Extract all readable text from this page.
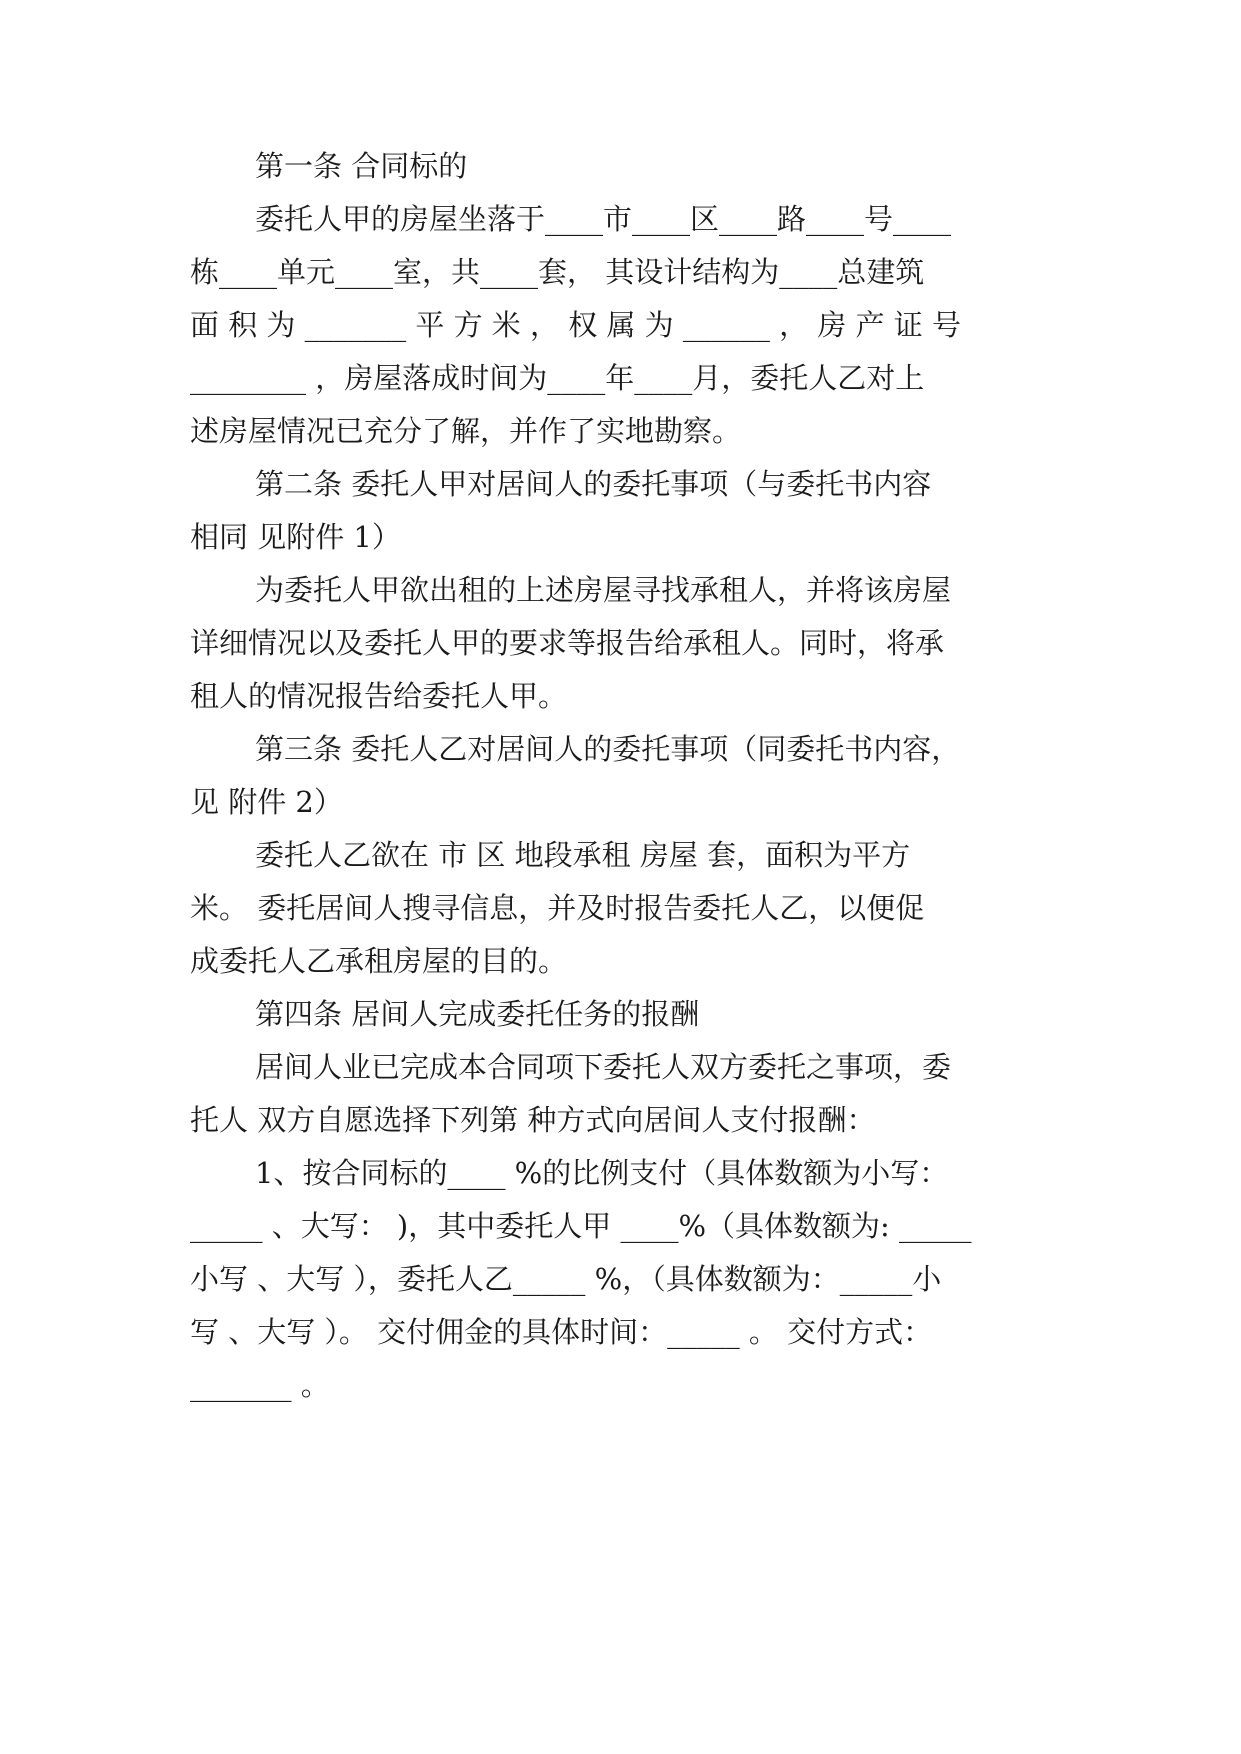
第一条 合同标的
委托人甲的房屋坐落于____市____区____路____号____
栋____单元____室，共____套， 其设计结构为____总建筑
面 积 为 _______ 平 方 米 ， 权 属 为 ______ ， 房 产 证 号
________ ，房屋落成时间为____年____月，委托人乙对上
述房屋情况已充分了解，并作了实地勘察。
第二条 委托人甲对居间人的委托事项（与委托书内容
相同 见附件 1）
为委托人甲欲出租的上述房屋寻找承租人，并将该房屋
详细情况以及委托人甲的要求等报告给承租人。同时，将承
租人的情况报告给委托人甲。
第三条 委托人乙对居间人的委托事项（同委托书内容，
见 附件 2）
委托人乙欲在 市 区 地段承租 房屋 套，面积为平方
米。 委托居间人搜寻信息，并及时报告委托人乙，以便促
成委托人乙承租房屋的目的。
第四条 居间人完成委托任务的报酬
居间人业已完成本合同项下委托人双方委托之事项，委
托人 双方自愿选择下列第 种方式向居间人支付报酬：
1、按合同标的____ %的比例支付（具体数额为小写：
_____ 、大写： )，其中委托人甲 ____%（具体数额为: _____
小写 、大写 ），委托人乙_____ %，（具体数额为：_____小
写 、大写 ）。 交付佣金的具体时间：_____ 。 交付方式：
_______ 。
